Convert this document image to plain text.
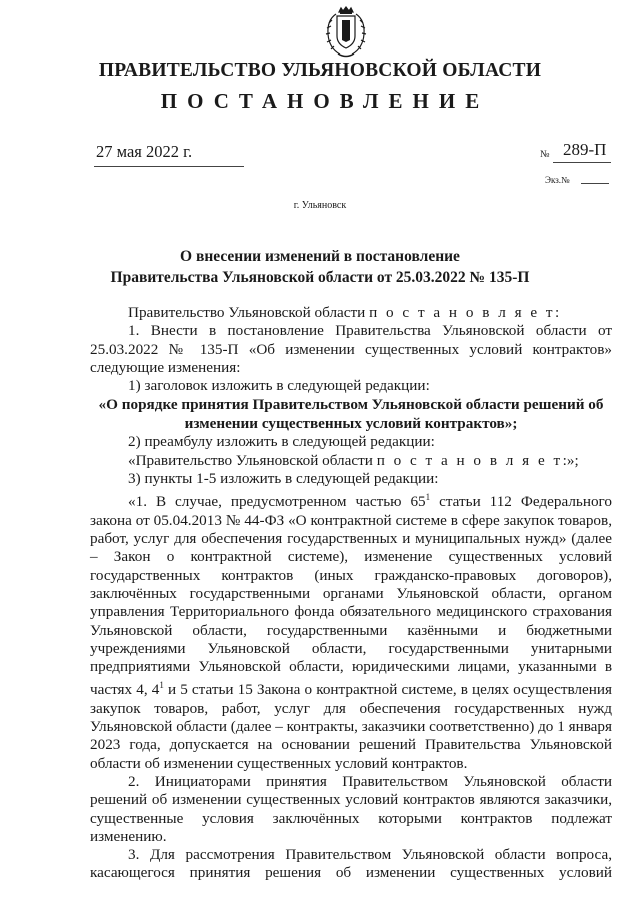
ПРАВИТЕЛЬСТВО УЛЬЯНОВСКОЙ ОБЛАСТИ
ПОСТАНОВЛЕНИЕ
27 мая 2022 г.	№ 289-П
Экз.№
г. Ульяновск
О внесении изменений в постановление
Правительства Ульяновской области от 25.03.2022 № 135-П

Правительство Ульяновской области п о с т а н о в л я е т:

1. Внести в постановление Правительства Ульяновской области от 25.03.2022 № 135-П «Об изменении существенных условий контрактов» следующие изменения:

1) заголовок изложить в следующей редакции:

«О порядке принятия Правительством Ульяновской области решений об изменении существенных условий контрактов»;

2) преамбулу изложить в следующей редакции:

«Правительство Ульяновской области п о с т а н о в л я е т:»;

3) пункты 1-5 изложить в следующей редакции:

«1. В случае, предусмотренном частью $65^1$ статьи 112 Федерального закона от 05.04.2013 № 44-ФЗ «О контрактной системе в сфере закупок товаров, работ, услуг для обеспечения государственных и муниципальных нужд» (далее – Закон о контрактной системе), изменение существенных условий государственных контрактов (иных гражданско-правовых договоров), заключённых государственными органами Ульяновской области, органом управления Территориального фонда обязательного медицинского страхования Ульяновской области, государственными казёнными и бюджетными учреждениями Ульяновской области, государственными унитарными предприятиями Ульяновской области, юридическими лицами, указанными в частях 4, $4^1$ и 5 статьи 15 Закона о контрактной системе, в целях осуществления закупок товаров, работ, услуг для обеспечения государственных нужд Ульяновской области (далее – контракты, заказчики соответственно) до 1 января 2023 года, допускается на основании решений Правительства Ульяновской области об изменении существенных условий контрактов.

2. Инициаторами принятия Правительством Ульяновской области решений об изменении существенных условий контрактов являются заказчики, существенные условия заключённых которыми контрактов подлежат изменению.

3. Для рассмотрения Правительством Ульяновской области вопроса, касающегося принятия решения об изменении существенных условий
